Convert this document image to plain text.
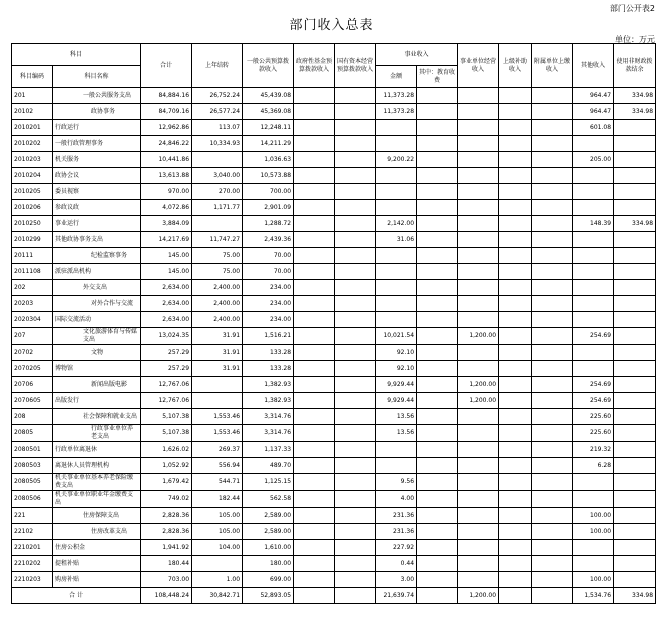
部门公开表2
部门收入总表
单位：万元
科目		合计	上年结转	一般公共预算拨款收入	政府性基金预算拨款收入	国有资本经营预算拨款收入	事业收入		事业单位经营收入	上级补助收入	附属单位上缴收入	其他收入	使用非财政拨款结余
科目编码	科目名称						金额	其中：教育收费					
201	一般公共服务支出	84,884.16	26,752.24	45,439.08			11,373.28					964.47	334.98
20102	政协事务	84,709.16	26,577.24	45,369.08			11,373.28					964.47	334.98
2010201	行政运行	12,962.86	113.07	12,248.11								601.08	
2010202	一般行政管理事务	24,846.22	10,334.93	14,211.29									
2010203	机关服务	10,441.86		1,036.63			9,200.22					205.00	
2010204	政协会议	13,613.88	3,040.00	10,573.88									
2010205	委员视察	970.00	270.00	700.00									
2010206	参政议政	4,072.86	1,171.77	2,901.09									
2010250	事业运行	3,884.09		1,288.72			2,142.00					148.39	334.98
2010299	其他政协事务支出	14,217.69	11,747.27	2,439.36			31.06						
20111	纪检监察事务	145.00	75.00	70.00									
2011108	派驻派出机构	145.00	75.00	70.00									
202	外交支出	2,634.00	2,400.00	234.00									
20203	对外合作与交流	2,634.00	2,400.00	234.00									
2020304	国际交流活动	2,634.00	2,400.00	234.00									
207	文化旅游体育与传媒支出	13,024.35	31.91	1,516.21			10,021.54		1,200.00			254.69	
20702	文物	257.29	31.91	133.28			92.10						
2070205	博物馆	257.29	31.91	133.28			92.10						
20706	新闻出版电影	12,767.06		1,382.93			9,929.44		1,200.00			254.69	
2070605	出版发行	12,767.06		1,382.93			9,929.44		1,200.00			254.69	
208	社会保障和就业支出	5,107.38	1,553.46	3,314.76			13.56					225.60	
20805	行政事业单位养老支出	5,107.38	1,553.46	3,314.76			13.56					225.60	
2080501	行政单位离退休	1,626.02	269.37	1,137.33								219.32	
2080503	离退休人员管理机构	1,052.92	556.94	489.70								6.28	
2080505	机关事业单位基本养老保险缴费支出	1,679.42	544.71	1,125.15			9.56						
2080506	机关事业单位职业年金缴费支出	749.02	182.44	562.58			4.00						
221	住房保障支出	2,828.36	105.00	2,589.00			231.36					100.00	
22102	住房改革支出	2,828.36	105.00	2,589.00			231.36					100.00	
2210201	住房公积金	1,941.92	104.00	1,610.00			227.92						
2210202	提租补贴	180.44		180.00			0.44						
2210203	购房补贴	703.00	1.00	699.00			3.00					100.00	
合 计		108,448.24	30,842.71	52,893.05			21,639.74		1,200.00			1,534.76	334.98
